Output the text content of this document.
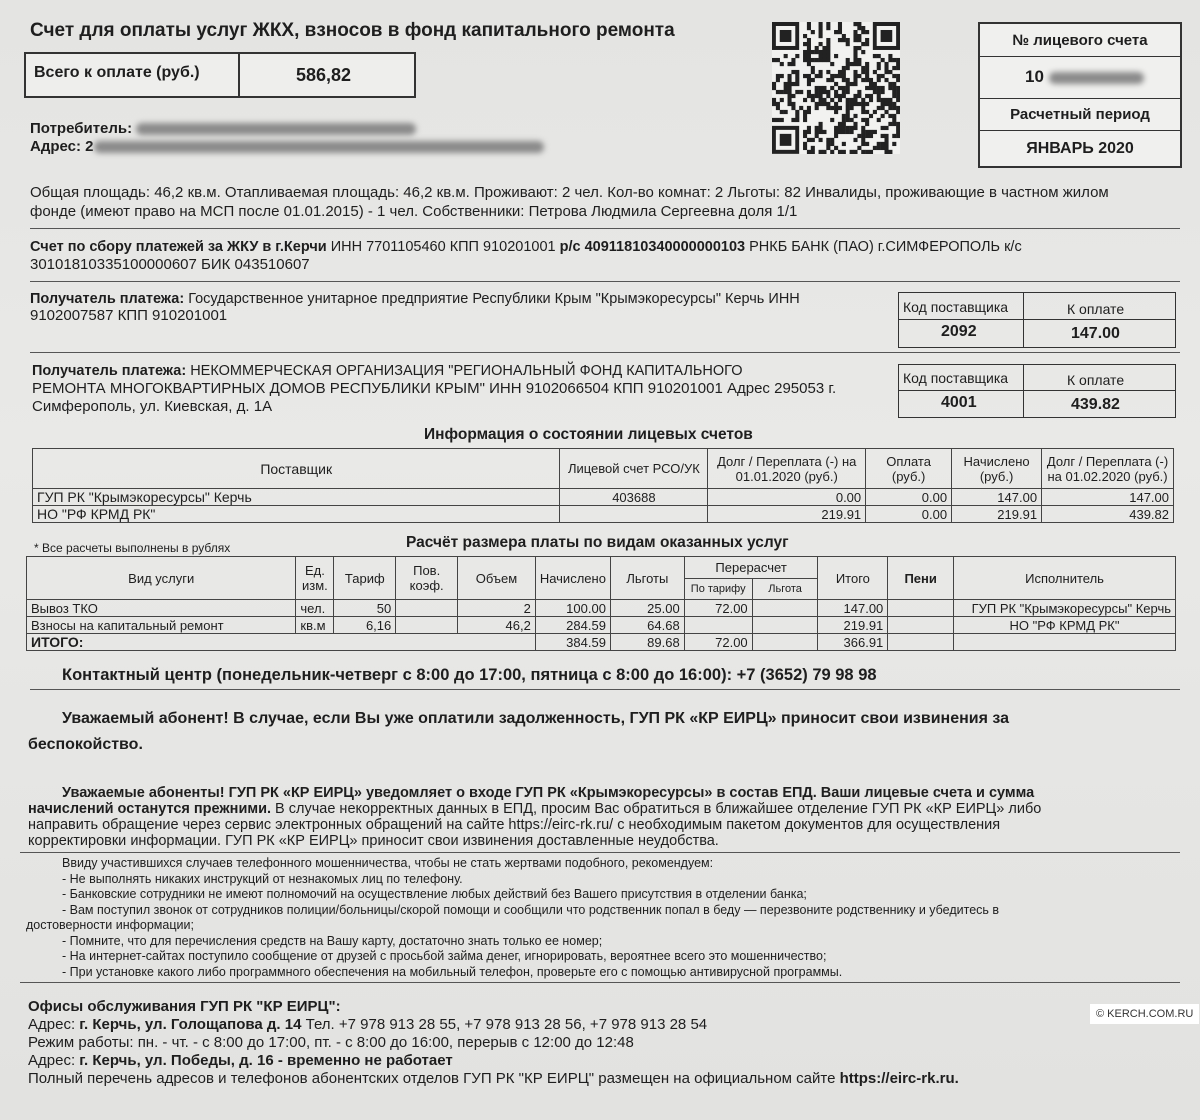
Счет для оплаты услуг ЖКХ, взносов в фонд капитального ремонта
Всего к оплате (руб.)	586,82
№ лицевого счета
10
Расчетный период
ЯНВАРЬ 2020
Потребитель:
Адрес: 2
Общая площадь: 46,2 кв.м. Отапливаемая площадь: 46,2 кв.м. Проживают: 2 чел. Кол-во комнат: 2 Льготы: 82 Инвалиды, проживающие в частном жилом
фонде (имеют право на МСП после 01.01.2015) - 1 чел. Собственники: Петрова Людмила Сергеевна доля 1/1
Счет по сбору платежей за ЖКУ в г.Керчи ИНН 7701105460 КПП 910201001 р/с 40911810340000000103 РНКБ БАНК (ПАО) г.СИМФЕРОПОЛЬ к/с
30101810335100000607 БИК 043510607
Получатель платежа: Государственное унитарное предприятие Республики Крым "Крымэкоресурсы" Керчь ИНН
9102007587 КПП 910201001	Код поставщика	К оплате
2092	147.00
Получатель платежа: НЕКОММЕРЧЕСКАЯ ОРГАНИЗАЦИЯ "РЕГИОНАЛЬНЫЙ ФОНД КАПИТАЛЬНОГО
РЕМОНТА МНОГОКВАРТИРНЫХ ДОМОВ РЕСПУБЛИКИ КРЫМ" ИНН 9102066504 КПП 910201001 Адрес 295053 г.
Симферополь, ул. Киевская, д. 1А
Код поставщика	К оплате
4001	439.82
Информация о состоянии лицевых счетов
Поставщик	Лицевой счет РСО/УК	Долг / Переплата (-) на 01.01.2020 (руб.)	Оплата (руб.)	Начислено (руб.)	Долг / Переплата (-) на 01.02.2020 (руб.)
ГУП РК "Крымэкоресурсы" Керчь	403688	0.00	0.00	147.00	147.00
НО "РФ КРМД РК"		219.91	0.00	219.91	439.82
* Все расчеты выполнены в рублях	Расчёт размера платы по видам оказанных услуг
Вид услуги	Ед. изм.	Тариф	Пов. коэф.	Объем	Начислено	Льготы	Перерасчет		Итого	Пени	Исполнитель
							По тарифу	Льгота			
Вывоз ТКО	чел.	50		2	100.00	25.00	72.00		147.00		ГУП РК "Крымэкоресурсы" Керчь
Взносы на капитальный ремонт	кв.м	6,16		46,2	284.59	64.68			219.91		НО "РФ КРМД РК"
ИТОГО:					384.59	89.68	72.00		366.91		
Контактный центр (понедельник-четверг с 8:00 до 17:00, пятница с 8:00 до 16:00): +7 (3652) 79 98 98
Уважаемый абонент! В случае, если Вы уже оплатили задолженность, ГУП РК «КР ЕИРЦ» приносит свои извинения за
беспокойство.
Уважаемые абоненты! ГУП РК «КР ЕИРЦ» уведомляет о входе ГУП РК «Крымэкоресурсы» в состав ЕПД. Ваши лицевые счета и сумма
начислений останутся прежними. В случае некорректных данных в ЕПД, просим Вас обратиться в ближайшее отделение ГУП РК «КР ЕИРЦ» либо
направить обращение через сервис электронных обращений на сайте https://eirc-rk.ru/ с необходимым пакетом документов для осуществления
корректировки информации. ГУП РК «КР ЕИРЦ» приносит свои извинения доставленные неудобства.
Ввиду участившихся случаев телефонного мошенничества, чтобы не стать жертвами подобного, рекомендуем:
- Не выполнять никаких инструкций от незнакомых лиц по телефону.
- Банковские сотрудники не имеют полномочий на осуществление любых действий без Вашего присутствия в отделении банка;
- Вам поступил звонок от сотрудников полиции/больницы/скорой помощи и сообщили что родственник попал в беду — перезвоните родственнику и убедитесь в
достоверности информации;
- Помните, что для перечисления средств на Вашу карту, достаточно знать только ее номер;
- На интернет-сайтах поступило сообщение от друзей с просьбой займа денег, игнорировать, вероятнее всего это мошенничество;
- При установке какого либо программного обеспечения на мобильный телефон, проверьте его с помощью антивирусной программы.
Офисы обслуживания ГУП РК "КР ЕИРЦ":
Адрес: г. Керчь, ул. Голощапова д. 14 Тел. +7 978 913 28 55, +7 978 913 28 56, +7 978 913 28 54
Режим работы: пн. - чт. - с 8:00 до 17:00, пт. - с 8:00 до 16:00, перерыв с 12:00 до 12:48
Адрес: г. Керчь, ул. Победы, д. 16 - временно не работает
Полный перечень адресов и телефонов абонентских отделов ГУП РК "КР ЕИРЦ" размещен на официальном сайте https://eirc-rk.ru.
© KERCH.COM.RU
